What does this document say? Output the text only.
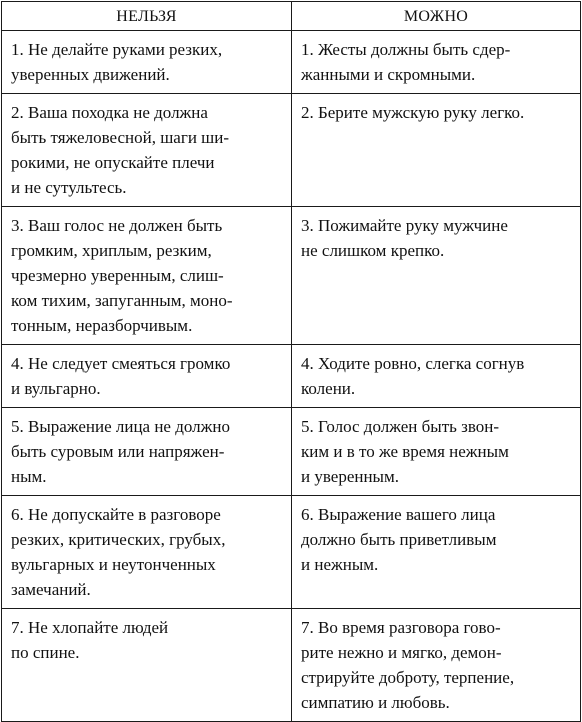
НЕЛЬЗЯ	МОЖНО

1. Не делайте руками резких,
уверенных движений.	1. Жесты должны быть сдер-
жанными и скромными.

2. Ваша походка не должна
быть тяжеловесной, шаги ши-
рокими, не опускайте плечи
и не сутультесь.	2. Берите мужскую руку легко.

3. Ваш голос не должен быть
громким, хриплым, резким,
чрезмерно уверенным, слиш-
ком тихим, запуганным, моно-
тонным, неразборчивым.	3. Пожимайте руку мужчине
не слишком крепко.

4. Не следует смеяться громко
и вульгарно.	4. Ходите ровно, слегка согнув
колени.

5. Выражение лица не должно
быть суровым или напряжен-
ным.	5. Голос должен быть звон-
ким и в то же время нежным
и уверенным.

6. Не допускайте в разговоре
резких, критических, грубых,
вульгарных и неутонченных
замечаний.	6. Выражение вашего лица
должно быть приветливым
и нежным.

7. Не хлопайте людей
по спине.	7. Во время разговора гово-
рите нежно и мягко, демон-
стрируйте доброту, терпение,
симпатию и любовь.
